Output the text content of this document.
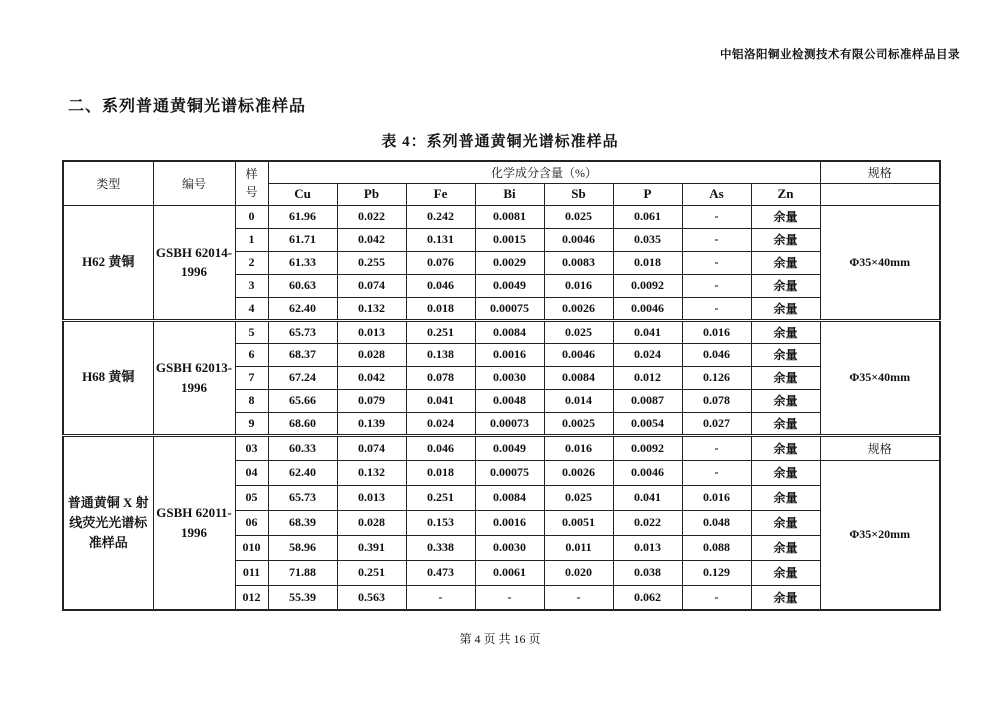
中铝洛阳铜业检测技术有限公司标准样品目录
二、系列普通黄铜光谱标准样品
表 4：系列普通黄铜光谱标准样品
类型	编号	样号	化学成分含量（%）								规格
			Cu	Pb	Fe	Bi	Sb	P	As	Zn	
H62 黄铜	GSBH 62014-1996	0	61.96	0.022	0.242	0.0081	0.025	0.061	-	余量	Φ35×40mm
		1	61.71	0.042	0.131	0.0015	0.0046	0.035	-	余量	
		2	61.33	0.255	0.076	0.0029	0.0083	0.018	-	余量	
		3	60.63	0.074	0.046	0.0049	0.016	0.0092	-	余量	
		4	62.40	0.132	0.018	0.00075	0.0026	0.0046	-	余量	
H68 黄铜	GSBH 62013-1996	5	65.73	0.013	0.251	0.0084	0.025	0.041	0.016	余量	Φ35×40mm
		6	68.37	0.028	0.138	0.0016	0.0046	0.024	0.046	余量	
		7	67.24	0.042	0.078	0.0030	0.0084	0.012	0.126	余量	
		8	65.66	0.079	0.041	0.0048	0.014	0.0087	0.078	余量	
		9	68.60	0.139	0.024	0.00073	0.0025	0.0054	0.027	余量	
普通黄铜 X 射线荧光光谱标准样品	GSBH 62011-1996	03	60.33	0.074	0.046	0.0049	0.016	0.0092	-	余量	规格
		04	62.40	0.132	0.018	0.00075	0.0026	0.0046	-	余量	Φ35×20mm
		05	65.73	0.013	0.251	0.0084	0.025	0.041	0.016	余量	
		06	68.39	0.028	0.153	0.0016	0.0051	0.022	0.048	余量	
		010	58.96	0.391	0.338	0.0030	0.011	0.013	0.088	余量	
		011	71.88	0.251	0.473	0.0061	0.020	0.038	0.129	余量	
		012	55.39	0.563	-	-	-	0.062	-	余量	
第 4 页 共 16 页
